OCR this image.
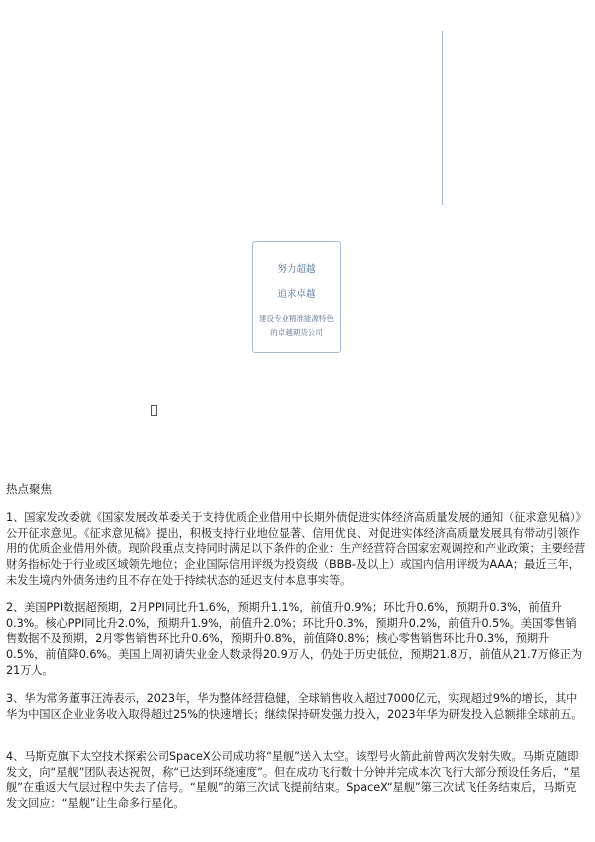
努力超越
追求卓越
建设专业精准能源特色的卓越期货公司
热点聚焦
1、国家发改委就《国家发展改革委关于支持优质企业借用中长期外债促进实体经济高质量发展的通知（征求意见稿）》公开征求意见。《征求意见稿》提出，积极支持行业地位显著、信用优良、对促进实体经济高质量发展具有带动引领作用的优质企业借用外债。现阶段重点支持同时满足以下条件的企业：生产经营符合国家宏观调控和产业政策；主要经营财务指标处于行业或区域领先地位；企业国际信用评级为投资级（BBB-及以上）或国内信用评级为AAA；最近三年，未发生境内外债务违约且不存在处于持续状态的延迟支付本息事实等。
2、美国PPI数据超预期，2月PPI同比升1.6%，预期升1.1%，前值升0.9%；环比升0.6%，预期升0.3%，前值升0.3%。核心PPI同比升2.0%，预期升1.9%，前值升2.0%；环比升0.3%，预期升0.2%，前值升0.5%。美国零售销售数据不及预期，2月零售销售环比升0.6%，预期升0.8%，前值降0.8%；核心零售销售环比升0.3%，预期升0.5%，前值降0.6%。美国上周初请失业金人数录得20.9万人，仍处于历史低位，预期21.8万，前值从21.7万修正为21万人。
3、华为常务董事汪涛表示，2023年，华为整体经营稳健，全球销售收入超过7000亿元，实现超过9%的增长，其中华为中国区企业业务收入取得超过25%的快速增长；继续保持研发强力投入，2023年华为研发投入总额排全球前五。
4、马斯克旗下太空技术探索公司SpaceX公司成功将“星舰”送入太空。该型号火箭此前曾两次发射失败。马斯克随即发文，向“星舰”团队表达祝贺，称“已达到环绕速度”。但在成功飞行数十分钟并完成本次飞行大部分预设任务后，“星舰”在重返大气层过程中失去了信号。“星舰”的第三次试飞提前结束。SpaceX“星舰”第三次试飞任务结束后，马斯克发文回应：“星舰”让生命多行星化。
